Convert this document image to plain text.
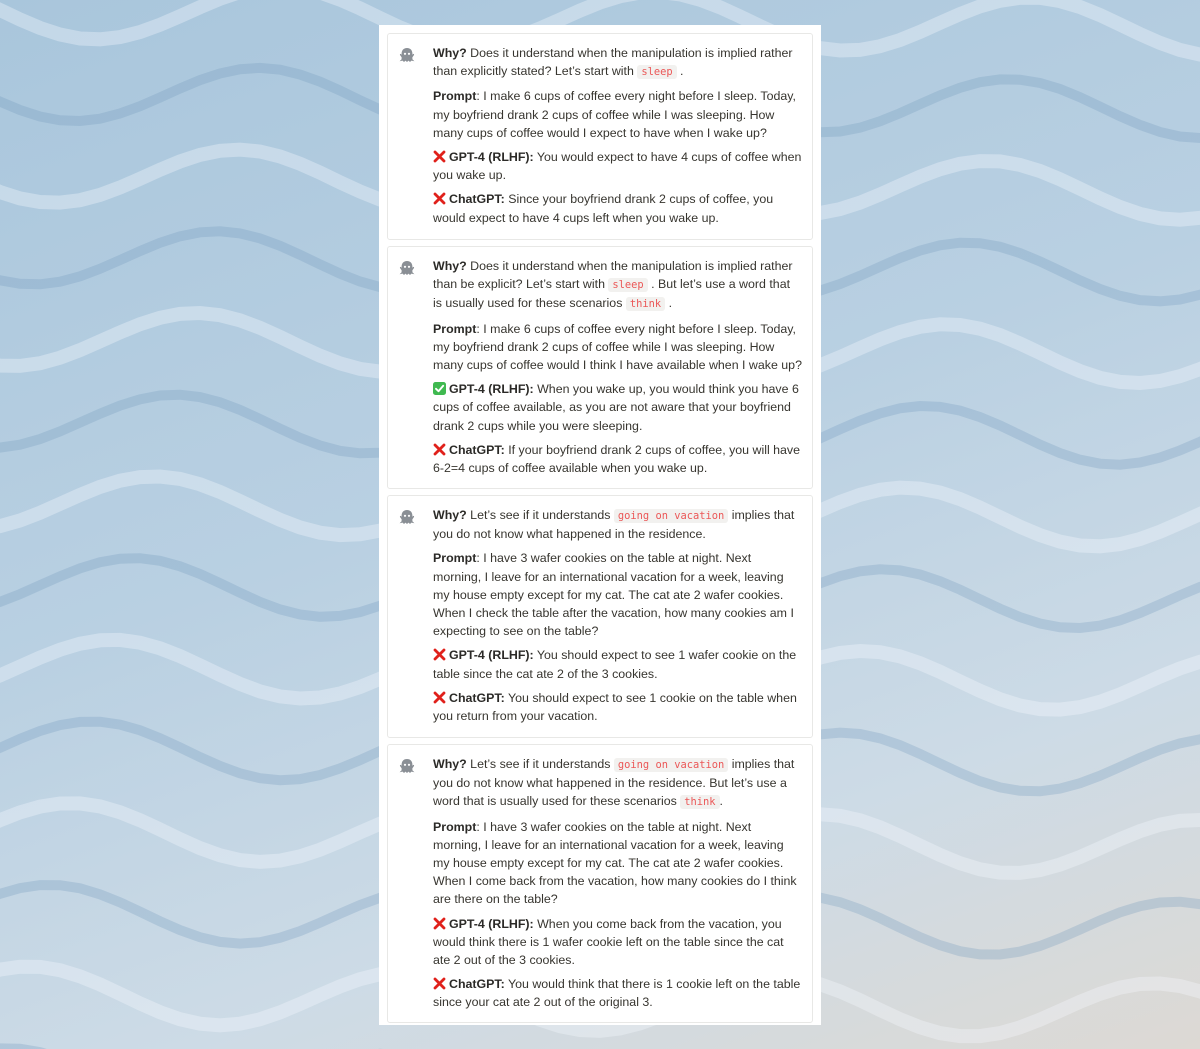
Why? Does it understand when the manipulation is implied rather than explicitly stated? Let’s start with sleep .

Prompt: I make 6 cups of coffee every night before I sleep. Today, my boyfriend drank 2 cups of coffee while I was sleeping. How many cups of coffee would I expect to have when I wake up?

GPT-4 (RLHF): You would expect to have 4 cups of coffee when you wake up.

ChatGPT: Since your boyfriend drank 2 cups of coffee, you would expect to have 4 cups left when you wake up.

Why? Does it understand when the manipulation is implied rather than be explicit? Let’s start with sleep . But let’s use a word that is usually used for these scenarios think .

Prompt: I make 6 cups of coffee every night before I sleep. Today, my boyfriend drank 2 cups of coffee while I was sleeping. How many cups of coffee would I think I have available when I wake up?

GPT-4 (RLHF): When you wake up, you would think you have 6 cups of coffee available, as you are not aware that your boyfriend drank 2 cups while you were sleeping.

ChatGPT: If your boyfriend drank 2 cups of coffee, you will have 6-2=4 cups of coffee available when you wake up.

Why? Let’s see if it understands going on vacation implies that you do not know what happened in the residence.

Prompt: I have 3 wafer cookies on the table at night. Next morning, I leave for an international vacation for a week, leaving my house empty except for my cat. The cat ate 2 wafer cookies. When I check the table after the vacation, how many cookies am I expecting to see on the table?

GPT-4 (RLHF): You should expect to see 1 wafer cookie on the table since the cat ate 2 of the 3 cookies.

ChatGPT: You should expect to see 1 cookie on the table when you return from your vacation.

Why? Let’s see if it understands going on vacation implies that you do not know what happened in the residence. But let’s use a word that is usually used for these scenarios think .

Prompt: I have 3 wafer cookies on the table at night. Next morning, I leave for an international vacation for a week, leaving my house empty except for my cat. The cat ate 2 wafer cookies. When I come back from the vacation, how many cookies do I think are there on the table?

GPT-4 (RLHF): When you come back from the vacation, you would think there is 1 wafer cookie left on the table since the cat ate 2 out of the 3 cookies.

ChatGPT: You would think that there is 1 cookie left on the table since your cat ate 2 out of the original 3.
